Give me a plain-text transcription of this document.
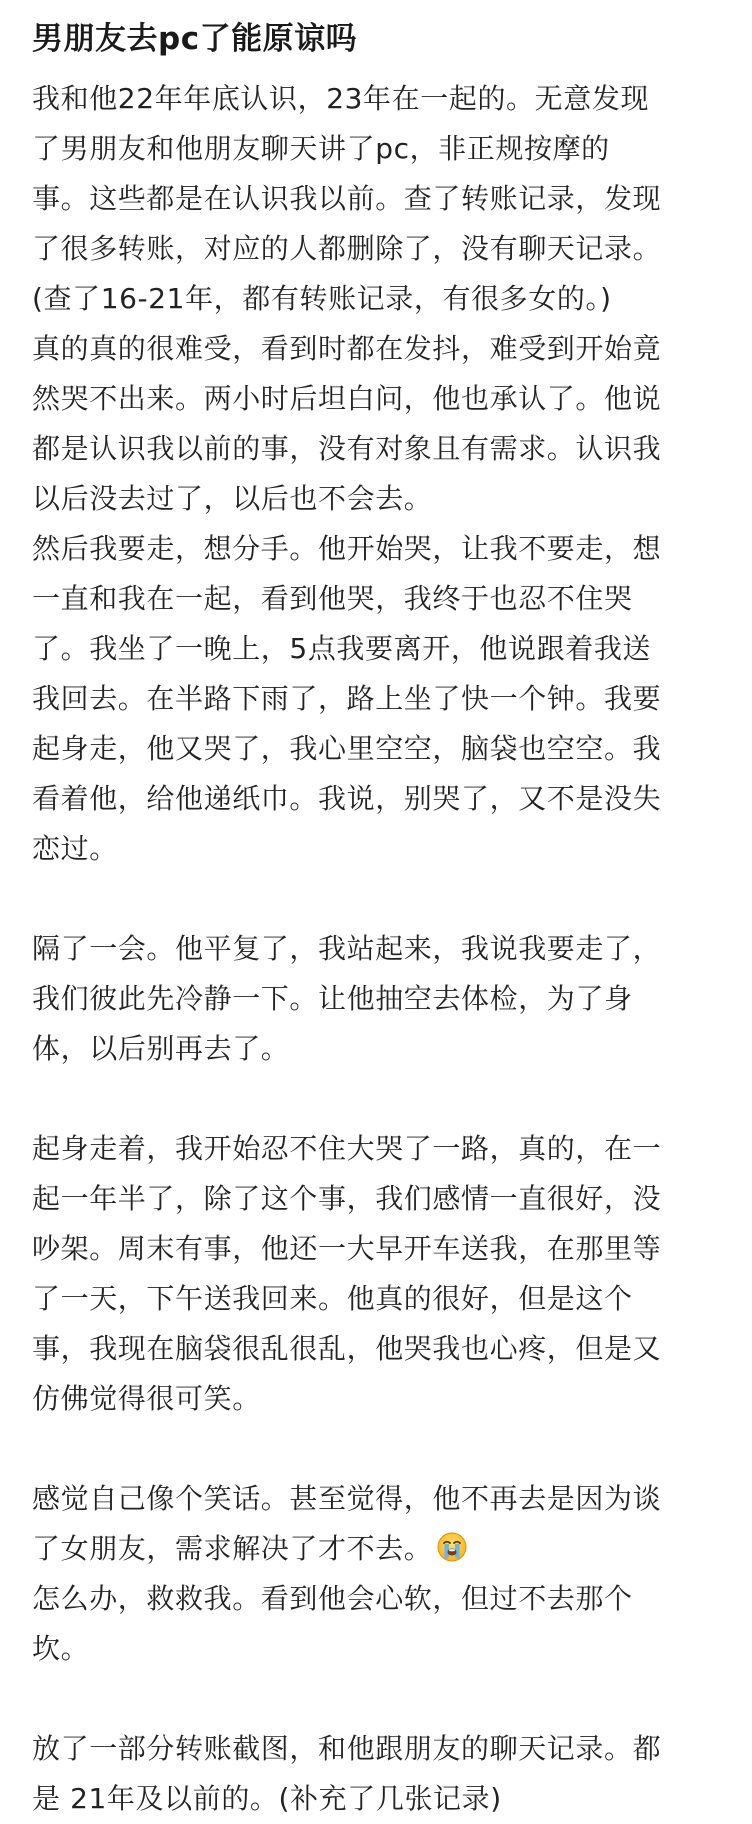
男朋友去pc了能原谅吗
我和他22年年底认识，23年在一起的。无意发现
了男朋友和他朋友聊天讲了pc，非正规按摩的
事。这些都是在认识我以前。查了转账记录，发现
了很多转账，对应的人都删除了，没有聊天记录。
(查了16-21年，都有转账记录，有很多女的。)
真的真的很难受，看到时都在发抖，难受到开始竟
然哭不出来。两小时后坦白问，他也承认了。他说
都是认识我以前的事，没有对象且有需求。认识我
以后没去过了，以后也不会去。
然后我要走，想分手。他开始哭，让我不要走，想
一直和我在一起，看到他哭，我终于也忍不住哭
了。我坐了一晚上，5点我要离开，他说跟着我送
我回去。在半路下雨了，路上坐了快一个钟。我要
起身走，他又哭了，我心里空空，脑袋也空空。我
看着他，给他递纸巾。我说，别哭了，又不是没失
恋过。
隔了一会。他平复了，我站起来，我说我要走了，
我们彼此先冷静一下。让他抽空去体检，为了身
体，以后别再去了。
起身走着，我开始忍不住大哭了一路，真的，在一
起一年半了，除了这个事，我们感情一直很好，没
吵架。周末有事，他还一大早开车送我，在那里等
了一天，下午送我回来。他真的很好，但是这个
事，我现在脑袋很乱很乱，他哭我也心疼，但是又
仿佛觉得很可笑。
感觉自己像个笑话。甚至觉得，他不再去是因为谈
了女朋友，需求解决了才不去。
怎么办，救救我。看到他会心软，但过不去那个
坎。
放了一部分转账截图，和他跟朋友的聊天记录。都
是 21年及以前的。(补充了几张记录)
